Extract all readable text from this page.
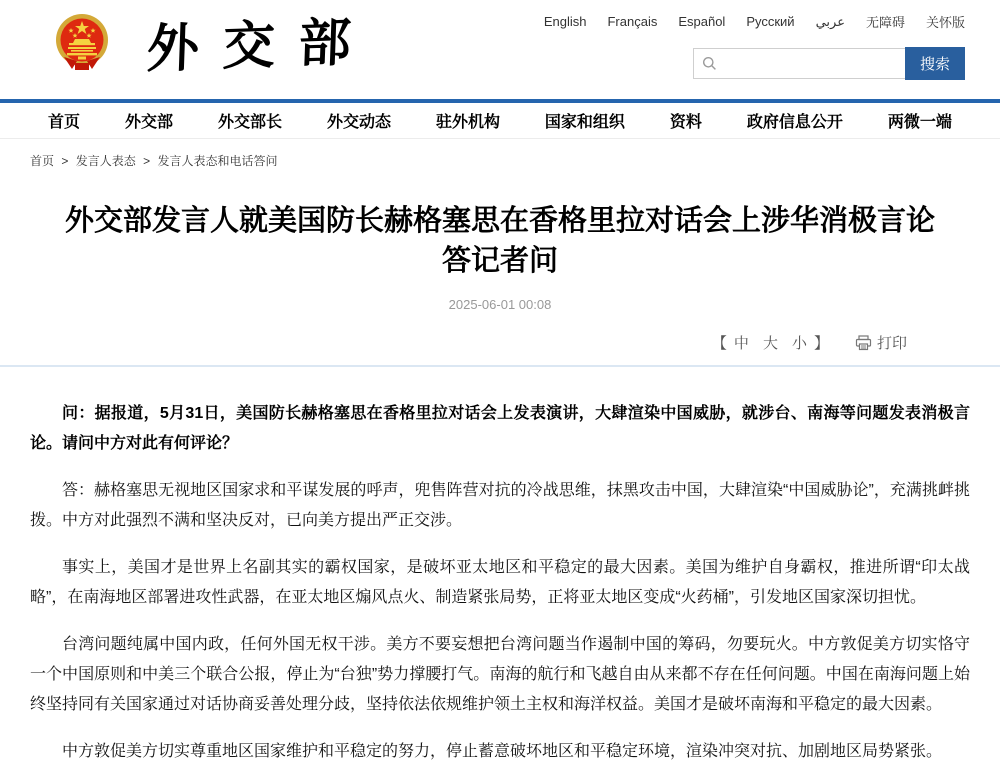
外交部	English Français Español Русский عربي 无障碍 关怀版
搜索
首页	外交部	外交部长	外交动态	驻外机构	国家和组织	资料	政府信息公开	两微一端
首页 > 发言人表态 > 发言人表态和电话答问
外交部发言人就美国防长赫格塞思在香格里拉对话会上涉华消极言论答记者问
2025-06-01 00:08
【 中 大 小 】	打印

问：据报道，5月31日，美国防长赫格塞思在香格里拉对话会上发表演讲，大肆渲染中国威胁，就涉台、南海等问题发表消极言论。请问中方对此有何评论？

答：赫格塞思无视地区国家求和平谋发展的呼声，兜售阵营对抗的冷战思维，抹黑攻击中国，大肆渲染“中国威胁论”，充满挑衅挑拨。中方对此强烈不满和坚决反对，已向美方提出严正交涉。

事实上，美国才是世界上名副其实的霸权国家，是破坏亚太地区和平稳定的最大因素。美国为维护自身霸权，推进所谓“印太战略”，在南海地区部署进攻性武器，在亚太地区煽风点火、制造紧张局势，正将亚太地区变成“火药桶”，引发地区国家深切担忧。

台湾问题纯属中国内政，任何外国无权干涉。美方不要妄想把台湾问题当作遏制中国的筹码，勿要玩火。中方敦促美方切实恪守一个中国原则和中美三个联合公报，停止为“台独”势力撑腰打气。南海的航行和飞越自由从来都不存在任何问题。中国在南海问题上始终坚持同有关国家通过对话协商妥善处理分歧，坚持依法依规维护领土主权和海洋权益。美国才是破坏南海和平稳定的最大因素。

中方敦促美方切实尊重地区国家维护和平稳定的努力，停止蓄意破坏地区和平稳定环境，渲染冲突对抗、加剧地区局势紧张。
